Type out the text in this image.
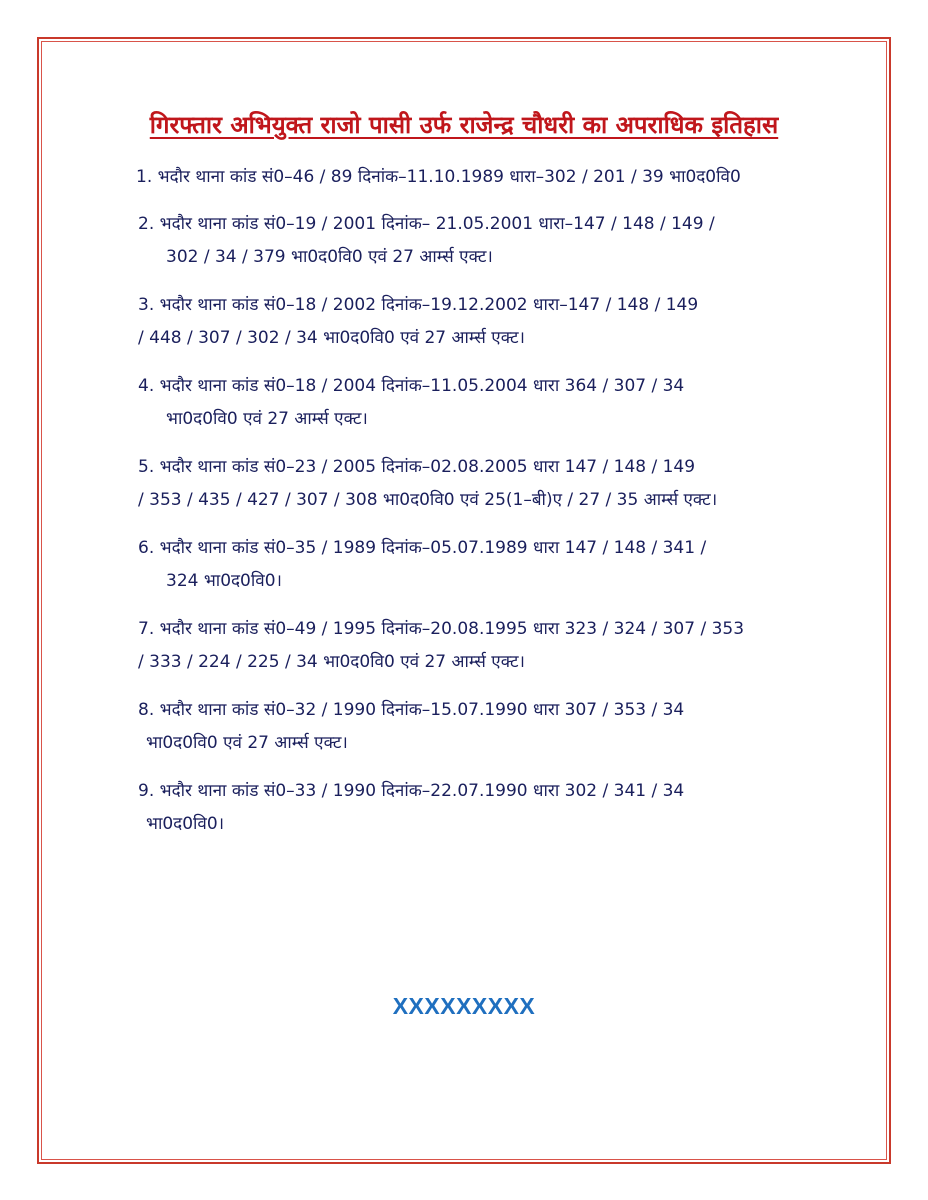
गिरफ्तार अभियुक्त राजो पासी उर्फ राजेन्द्र चौधरी का अपराधिक इतिहास
1. भदौर थाना कांड सं0–46 / 89 दिनांक–11.10.1989 धारा–302 / 201 / 39 भा0द0वि0
2. भदौर थाना कांड सं0–19 / 2001 दिनांक– 21.05.2001 धारा–147 / 148 / 149 /
302 / 34 / 379 भा0द0वि0 एवं 27 आर्म्स एक्ट।
3. भदौर थाना कांड सं0–18 / 2002 दिनांक–19.12.2002 धारा–147 / 148 / 149
/ 448 / 307 / 302 / 34 भा0द0वि0 एवं 27 आर्म्स एक्ट।
4. भदौर थाना कांड सं0–18 / 2004 दिनांक–11.05.2004 धारा 364 / 307 / 34
भा0द0वि0 एवं 27 आर्म्स एक्ट।
5. भदौर थाना कांड सं0–23 / 2005 दिनांक–02.08.2005 धारा 147 / 148 / 149
/ 353 / 435 / 427 / 307 / 308 भा0द0वि0 एवं 25(1–बी)ए / 27 / 35 आर्म्स एक्ट।
6. भदौर थाना कांड सं0–35 / 1989 दिनांक–05.07.1989 धारा 147 / 148 / 341 /
324 भा0द0वि0।
7. भदौर थाना कांड सं0–49 / 1995 दिनांक–20.08.1995 धारा 323 / 324 / 307 / 353
/ 333 / 224 / 225 / 34 भा0द0वि0 एवं 27 आर्म्स एक्ट।
8. भदौर थाना कांड सं0–32 / 1990 दिनांक–15.07.1990 धारा 307 / 353 / 34
भा0द0वि0 एवं 27 आर्म्स एक्ट।
9. भदौर थाना कांड सं0–33 / 1990 दिनांक–22.07.1990 धारा 302 / 341 / 34
भा0द0वि0।
XXXXXXXXX
